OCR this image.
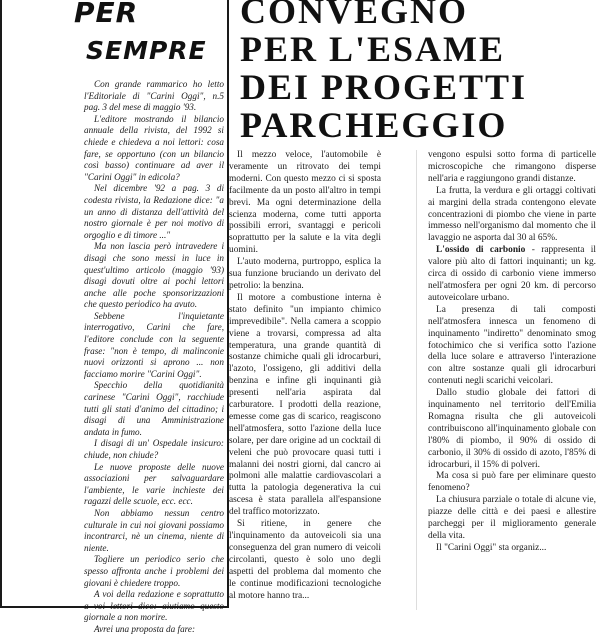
PER
SEMPRE

Con grande rammarico ho letto l'Editoriale di "Carini Oggi", n.5 pag. 3 del mese di maggio '93.

L'editore mostrando il bilancio annuale della rivista, del 1992 si chiede e chiedeva a noi lettori: cosa fare, se opportuno (con un bilancio così basso) continuare ad aver il "Carini Oggi" in edicola?

Nel dicembre '92 a pag. 3 di codesta rivista, la Redazione dice: "a un anno di distanza dell'attività del nostro giornale è per noi motivo di orgoglio e di timore ..."

Ma non lascia però intravedere i disagi che sono messi in luce in quest'ultimo articolo (maggio '93) disagi dovuti oltre ai pochi lettori anche alle poche sponsorizzazioni che questo periodico ha avuto.

Sebbene l'inquietante interrogativo, Carini che fare, l'editore conclude con la seguente frase: "non è tempo, di malinconie nuovi orizzonti si aprono ... non facciamo morire "Carini Oggi".

Specchio della quotidianità carinese "Carini Oggi", racchiude tutti gli stati d'animo del cittadino; i disagi di una Amministrazione andata in fumo.

I disagi di un' Ospedale insicuro: chiude, non chiude?

Le nuove proposte delle nuove associazioni per salvaguardare l'ambiente, le varie inchieste dei ragazzi delle scuole, ecc. ecc.

Non abbiamo nessun centro culturale in cui noi giovani possiamo incontrarci, nè un cinema, niente di niente.

Togliere un periodico serio che spesso affronta anche i problemi dei giovani è chiedere troppo.

A voi della redazione e soprattutto a voi lettori dico: aiutiamo questo giornale a non morire.

Avrei una proposta da fare:

CONVEGNO
PER L'ESAME
DEI PROGETTI
PARCHEGGIO

Il mezzo veloce, l'automobile è veramente un ritrovato dei tempi moderni. Con questo mezzo ci si sposta facilmente da un posto all'altro in tempi brevi. Ma ogni determinazione della scienza moderna, come tutti apporta possibili errori, svantaggi e pericoli soprattutto per la salute e la vita degli uomini.

L'auto moderna, purtroppo, esplica la sua funzione bruciando un derivato del petrolio: la benzina.

Il motore a combustione interna è stato definito "un impianto chimico imprevedibile". Nella camera a scoppio viene a trovarsi, compressa ad alta temperatura, una grande quantità di sostanze chimiche quali gli idrocarburi, l'azoto, l'ossigeno, gli additivi della benzina e infine gli inquinanti già presenti nell'aria aspirata dal carburatore. I prodotti della reazione, emesse come gas di scarico, reagiscono nell'atmosfera, sotto l'azione della luce solare, per dare origine ad un cocktail di veleni che può provocare quasi tutti i malanni dei nostri giorni, dal cancro ai polmoni alle malattie cardiovascolari a tutta la patologia degenerativa la cui ascesa è stata parallela all'espansione del traffico motorizzato.

Si ritiene, in genere che l'inquinamento da autoveicoli sia una conseguenza del gran numero di veicoli circolanti, questo è solo uno degli aspetti del problema dal momento che le continue modificazioni tecnologiche al motore hanno tra...

vengono espulsi sotto forma di particelle microscopiche che rimangono disperse nell'aria e raggiungono grandi distanze.

La frutta, la verdura e gli ortaggi coltivati ai margini della strada contengono elevate concentrazioni di piombo che viene in parte immesso nell'organismo dal momento che il lavaggio ne asporta dal 30 al 65%.

L'ossido di carbonio - rappresenta il valore più alto di fattori inquinanti; un kg. circa di ossido di carbonio viene immerso nell'atmosfera per ogni 20 km. di percorso autoveicolare urbano.

La presenza di tali composti nell'atmosfera innesca un fenomeno di inquinamento "indiretto" denominato smog fotochimico che si verifica sotto l'azione della luce solare e attraverso l'interazione con altre sostanze quali gli idrocarburi contenuti negli scarichi veicolari.

Dallo studio globale dei fattori di inquinamento nel territorio dell'Emilia Romagna risulta che gli autoveicoli contribuiscono all'inquinamento globale con l'80% di piombo, il 90% di ossido di carbonio, il 30% di ossido di azoto, l'85% di idrocarburi, il 15% di polveri.

Ma cosa si può fare per eliminare questo fenomeno?

La chiusura parziale o totale di alcune vie, piazze delle città e dei paesi e allestire parcheggi per il miglioramento generale della vita.

Il "Carini Oggi" sta organiz...
